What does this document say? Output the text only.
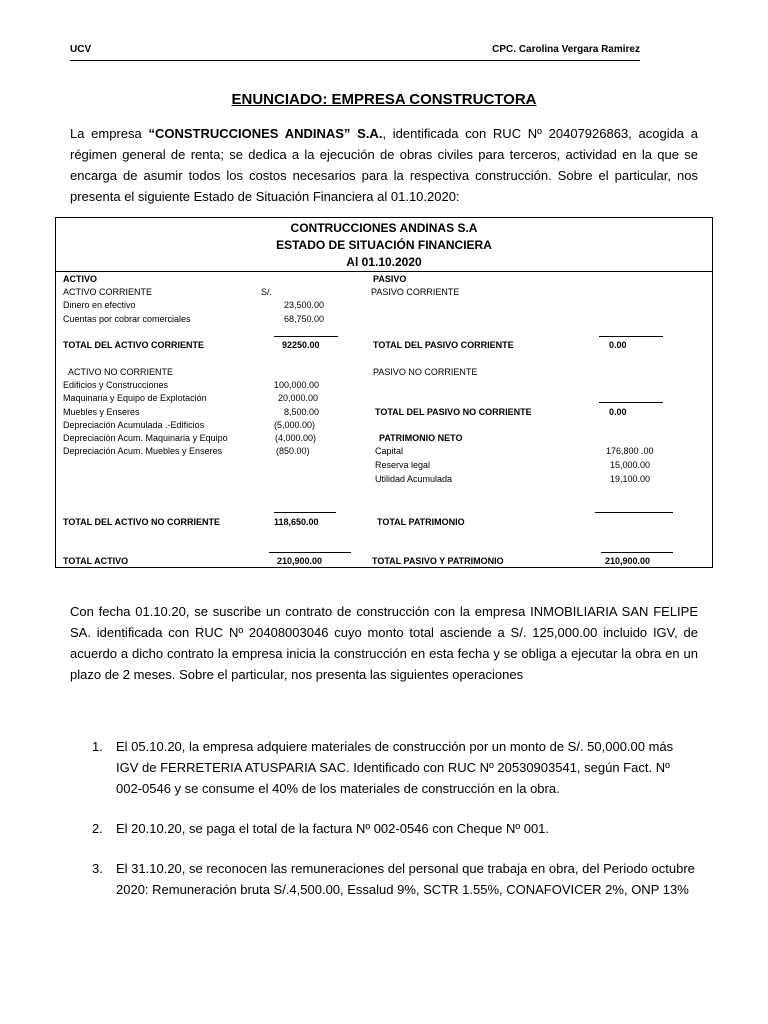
UCV	CPC. Carolina Vergara Ramirez
ENUNCIADO: EMPRESA CONSTRUCTORA
La empresa “CONSTRUCCIONES ANDINAS” S.A., identificada con RUC Nº 20407926863, acogida a régimen general de renta; se dedica a la ejecución de obras civiles para terceros, actividad en la que se encarga de asumir todos los costos necesarios para la respectiva construcción. Sobre el particular, nos presenta el siguiente Estado de Situación Financiera al 01.10.2020:
CONTRUCCIONES ANDINAS S.A
ESTADO DE SITUACIÓN FINANCIERA
Al 01.10.2020
ACTIVO	PASIVO
ACTIVO CORRIENTE	S/.	PASIVO CORRIENTE
Dinero en efectivo	23,500.00
Cuentas por cobrar comerciales	68,750.00
TOTAL DEL ACTIVO CORRIENTE	92250.00	TOTAL DEL PASIVO CORRIENTE	0.00
ACTIVO NO CORRIENTE	PASIVO NO CORRIENTE
Edificios y Construcciones	100,000.00
Maquinaria y Equipo de Explotación	20,000.00
Muebles y Enseres	8,500.00	TOTAL DEL PASIVO NO CORRIENTE	0.00
Depreciación Acumulada .-Edificios	(5,000.00)
Depreciación Acum. Maquinaria y Equipo	(4,000.00)	PATRIMONIO NETO
Depreciación Acum. Muebles y Enseres	(850.00)	Capital	176,800 .00
Reserva legal	15,000.00
Utilidad Acumulada	19,100.00
TOTAL DEL ACTIVO NO CORRIENTE	118,650.00	TOTAL PATRIMONIO
TOTAL ACTIVO	210,900.00	TOTAL PASIVO Y PATRIMONIO	210,900.00
Con fecha 01.10.20, se suscribe un contrato de construcción con la empresa INMOBILIARIA SAN FELIPE SA. identificada con RUC Nº 20408003046 cuyo monto total asciende a S/. 125,000.00 incluido IGV, de acuerdo a dicho contrato la empresa inicia la construcción en esta fecha y se obliga a ejecutar la obra en un plazo de 2 meses. Sobre el particular, nos presenta las siguientes operaciones
1. El 05.10.20, la empresa adquiere materiales de construcción por un monto de S/. 50,000.00 más IGV de FERRETERIA ATUSPARIA SAC. Identificado con RUC Nº 20530903541, según Fact. Nº 002-0546 y se consume el 40% de los materiales de construcción en la obra.
2. El 20.10.20, se paga el total de la factura Nº 002-0546 con Cheque Nº 001.
3. El 31.10.20, se reconocen las remuneraciones del personal que trabaja en obra, del Periodo octubre 2020: Remuneración bruta S/.4,500.00, Essalud 9%, SCTR 1.55%, CONAFOVICER 2%, ONP 13%
